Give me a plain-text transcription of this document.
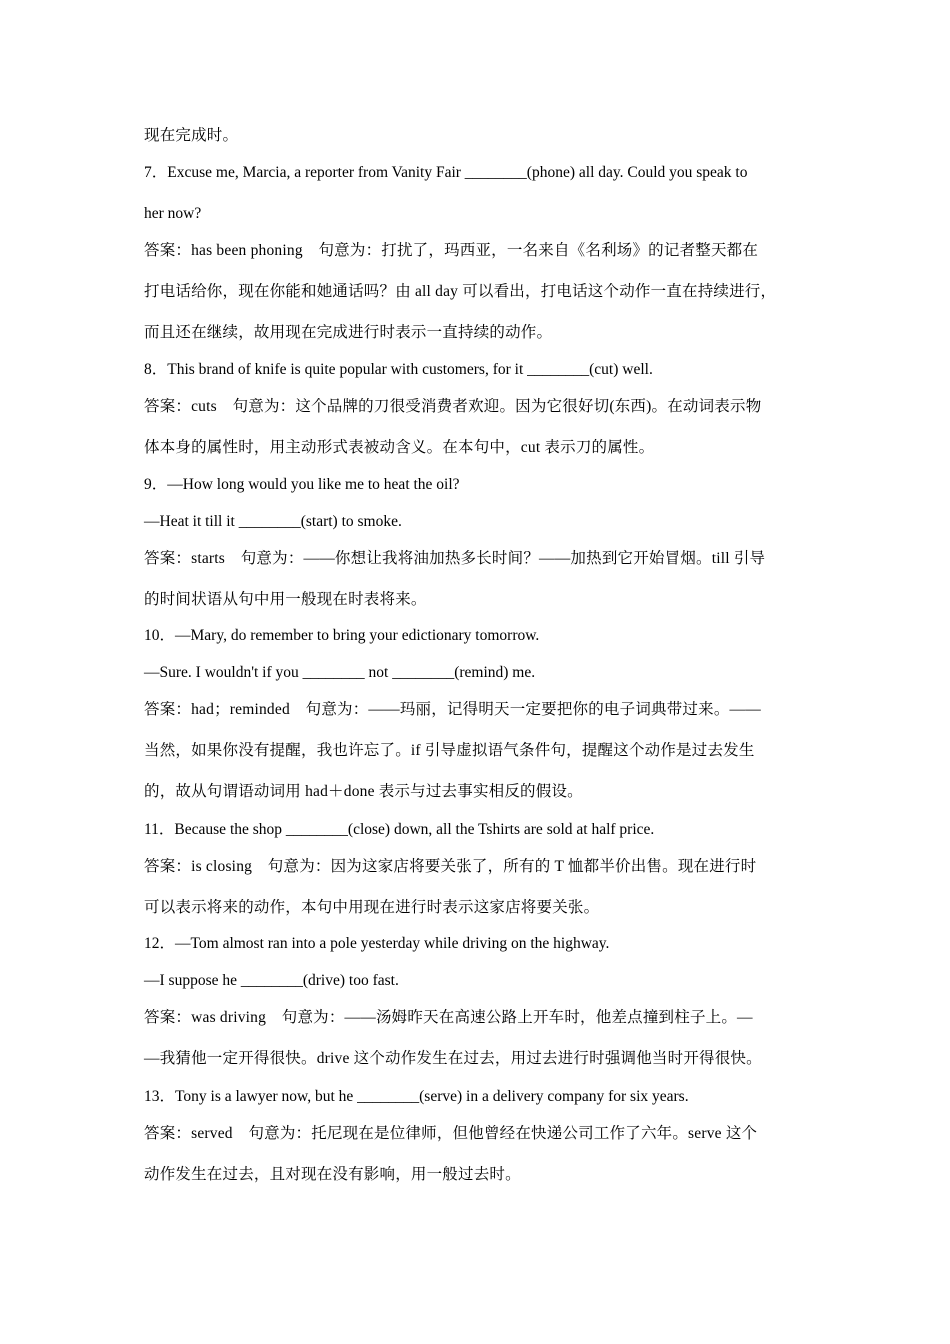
现在完成时。
7．Excuse me, Marcia, a reporter from Vanity Fair ________(phone) all day. Could you speak to
her now?
答案：has been phoning　句意为：打扰了，玛西亚，一名来自《名利场》的记者整天都在
打电话给你，现在你能和她通话吗？由 all day 可以看出，打电话这个动作一直在持续进行，
而且还在继续，故用现在完成进行时表示一直持续的动作。
8．This brand of knife is quite popular with customers, for it ________(cut) well.
答案：cuts　句意为：这个品牌的刀很受消费者欢迎。因为它很好切(东西)。在动词表示物
体本身的属性时，用主动形式表被动含义。在本句中，cut 表示刀的属性。
9．—How long would you like me to heat the oil?
—Heat it till it ________(start) to smoke.
答案：starts　句意为：——你想让我将油加热多长时间？——加热到它开始冒烟。till 引导
的时间状语从句中用一般现在时表将来。
10．—Mary, do remember to bring your edictionary tomorrow.
—Sure. I wouldn't if you ________ not ________(remind) me.
答案：had；reminded　句意为：——玛丽，记得明天一定要把你的电子词典带过来。——
当然，如果你没有提醒，我也许忘了。if 引导虚拟语气条件句，提醒这个动作是过去发生
的，故从句谓语动词用 had＋done 表示与过去事实相反的假设。
11．Because the shop ________(close) down, all the Tshirts are sold at half price.
答案：is closing　句意为：因为这家店将要关张了，所有的 T 恤都半价出售。现在进行时
可以表示将来的动作，本句中用现在进行时表示这家店将要关张。
12．—Tom almost ran into a pole yesterday while driving on the highway.
—I suppose he ________(drive) too fast.
答案：was driving　句意为：——汤姆昨天在高速公路上开车时，他差点撞到柱子上。—
—我猜他一定开得很快。drive 这个动作发生在过去，用过去进行时强调他当时开得很快。
13．Tony is a lawyer now, but he ________(serve) in a delivery company for six years.
答案：served　句意为：托尼现在是位律师，但他曾经在快递公司工作了六年。serve 这个
动作发生在过去，且对现在没有影响，用一般过去时。
